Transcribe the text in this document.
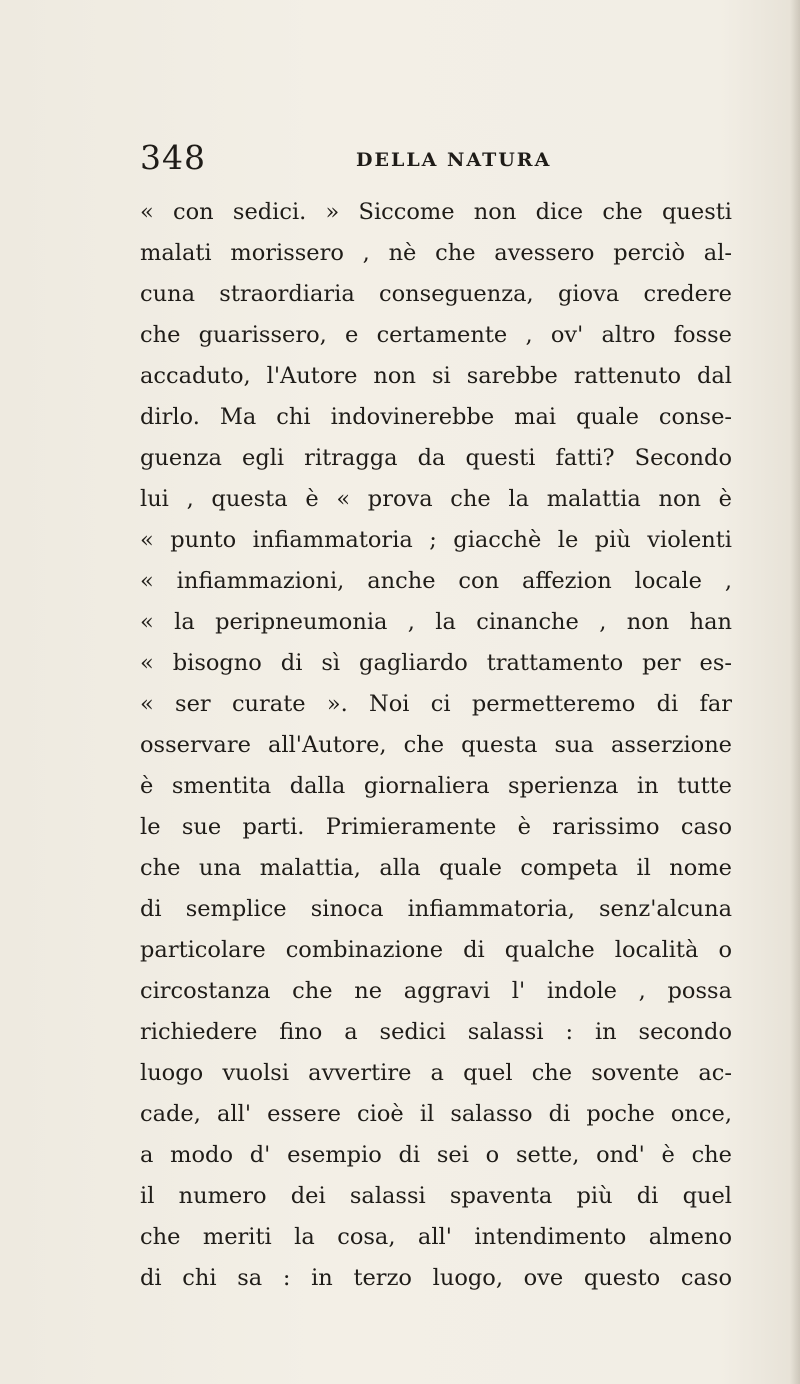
348	DELLA NATURA
« con sedici. » Siccome non dice che questi
malati morissero , nè che avessero perciò al-
cuna straordiaria conseguenza, giova credere
che guarissero, e certamente , ov' altro fosse
accaduto, l'Autore non si sarebbe rattenuto dal
dirlo. Ma chi indovinerebbe mai quale conse-
guenza egli ritragga da questi fatti? Secondo
lui , questa è « prova che la malattia non è
« punto infiammatoria ; giacchè le più violenti
« infiammazioni, anche con affezion locale ,
« la peripneumonia , la cinanche , non han
« bisogno di sì gagliardo trattamento per es-
« ser curate ». Noi ci permetteremo di far
osservare all'Autore, che questa sua asserzione
è smentita dalla giornaliera sperienza in tutte
le sue parti. Primieramente è rarissimo caso
che una malattia, alla quale competa il nome
di semplice sinoca infiammatoria, senz'alcuna
particolare combinazione di qualche località o
circostanza che ne aggravi l' indole , possa
richiedere fino a sedici salassi : in secondo
luogo vuolsi avvertire a quel che sovente ac-
cade, all' essere cioè il salasso di poche once,
a modo d' esempio di sei o sette, ond' è che
il numero dei salassi spaventa più di quel
che meriti la cosa, all' intendimento almeno
di chi sa : in terzo luogo, ove questo caso
